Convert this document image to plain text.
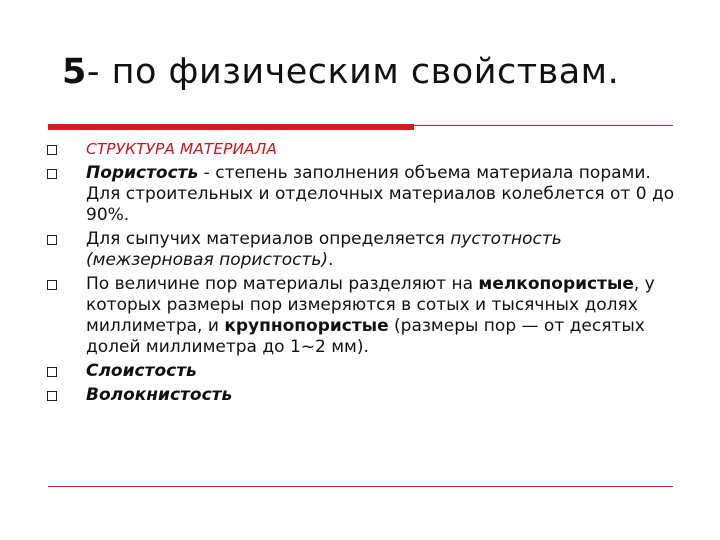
5- по физическим свойствам.
СТРУКТУРА МАТЕРИАЛА
Пористость - степень заполнения объема материала порами. Для строительных и отделочных материалов колеблется от 0 до 90%.
Для сыпучих материалов определяется пустотность (межзерновая пористость).
По величине пор материалы разделяют на мелкопористые, у которых размеры пор измеряются в сотых и тысячных долях миллиметра, и крупнопористые (размеры пор — от десятых долей миллиметра до 1~2 мм).
Слоистость
Волокнистость
